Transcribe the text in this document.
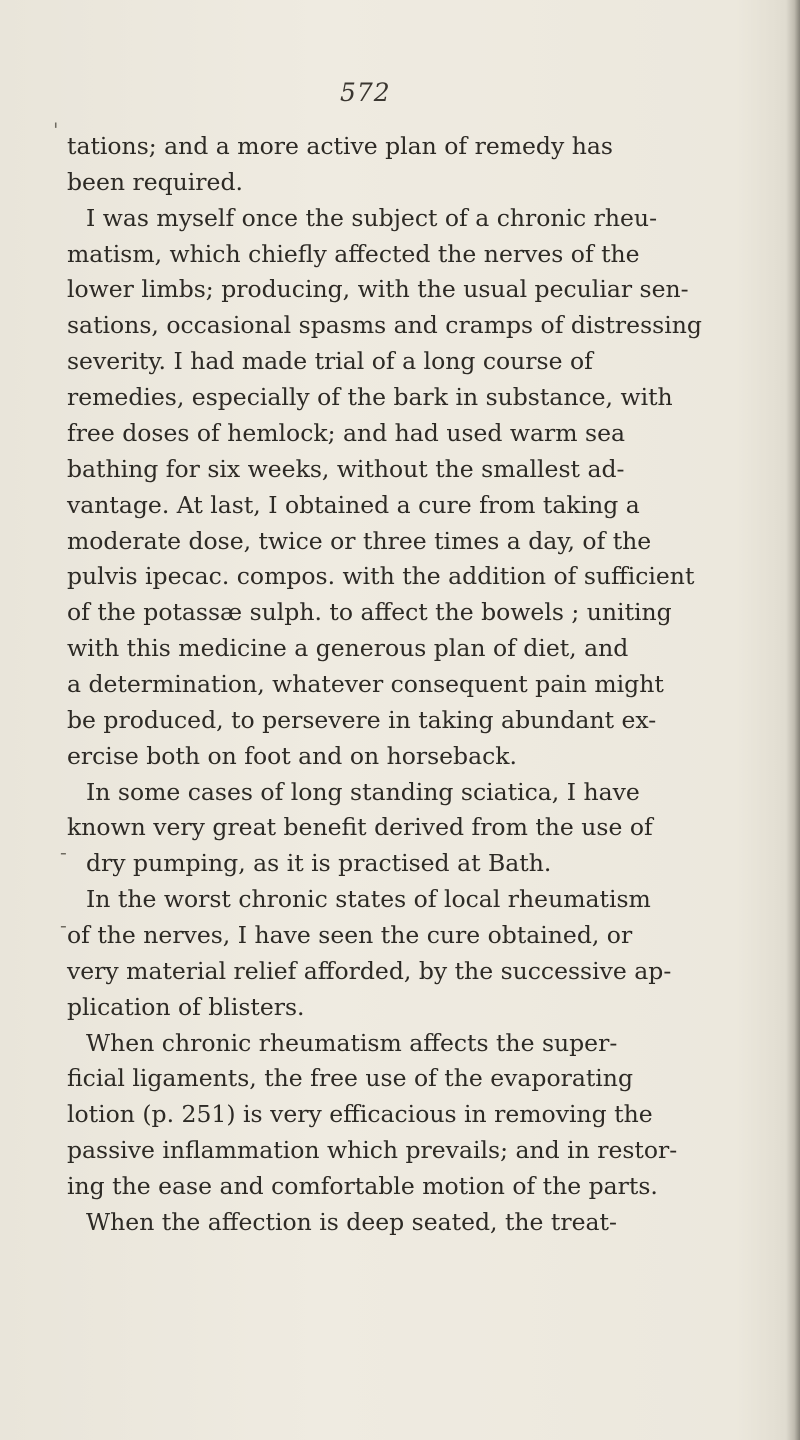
572
'
-
-
tations; and a more active plan of remedy has
been required.
I was myself once the subject of a chronic rheu-
matism, which chiefly affected the nerves of the
lower limbs; producing, with the usual peculiar sen-
sations, occasional spasms and cramps of distressing
severity. I had made trial of a long course of
remedies, especially of the bark in substance, with
free doses of hemlock; and had used warm sea
bathing for six weeks, without the smallest ad-
vantage. At last, I obtained a cure from taking a
moderate dose, twice or three times a day, of the
pulvis ipecac. compos. with the addition of sufficient
of the potassæ sulph. to affect the bowels ; uniting
with this medicine a generous plan of diet, and
a determination, whatever consequent pain might
be produced, to persevere in taking abundant ex-
ercise both on foot and on horseback.
In some cases of long standing sciatica, I have
known very great benefit derived from the use of
dry pumping, as it is practised at Bath.
In the worst chronic states of local rheumatism
of the nerves, I have seen the cure obtained, or
very material relief afforded, by the successive ap-
plication of blisters.
When chronic rheumatism affects the super-
ficial ligaments, the free use of the evaporating
lotion (p. 251) is very efficacious in removing the
passive inflammation which prevails; and in restor-
ing the ease and comfortable motion of the parts.
When the affection is deep seated, the treat-
